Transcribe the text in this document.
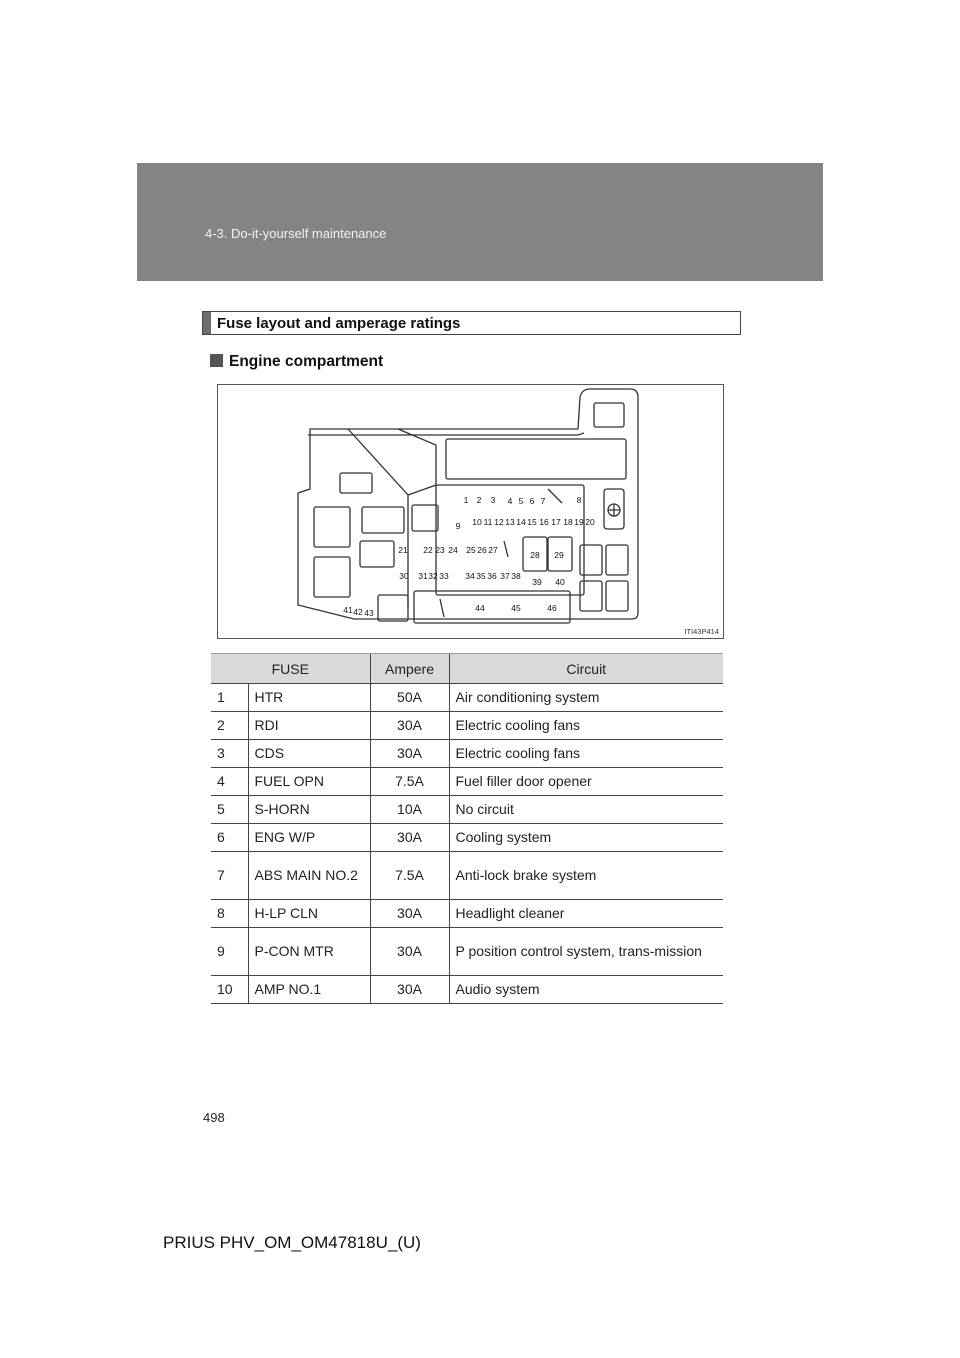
4-3. Do-it-yourself maintenance
Fuse layout and amperage ratings
Engine compartment
1 2 3 4 5 6 7	8
9 10 11 12 13 14 15 16 17 18 19 20
21 22 23 24 25 26 27	28 29
30 31 32 33 34 35 36 37 38
39 40
41 42 43	44	45	46
ITI43P414
FUSE		Ampere	Circuit
1	HTR	50A	Air conditioning system
2	RDI	30A	Electric cooling fans
3	CDS	30A	Electric cooling fans
4	FUEL OPN	7.5A	Fuel filler door opener
5	S-HORN	10A	No circuit
6	ENG W/P	30A	Cooling system
7	ABS MAIN NO.2	7.5A	Anti-lock brake system
8	H-LP CLN	30A	Headlight cleaner
9	P-CON MTR	30A	P position control system, trans-mission
10	AMP NO.1	30A	Audio system
498
PRIUS PHV_OM_OM47818U_(U)
